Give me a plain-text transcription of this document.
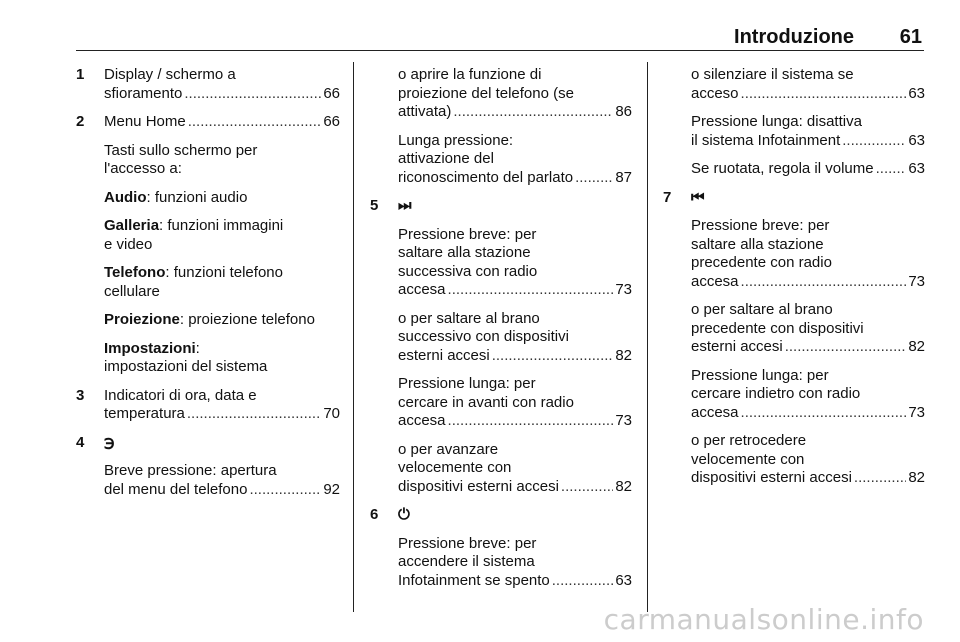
Introduzione 61
1	Display / schermo a

sfioramento .....	66

2	Menu Home .....	66

Tasti sullo schermo per
l'accesso a:

Audio: funzioni audio

Galleria: funzioni immagini
e video

Telefono: funzioni telefono
cellulare

Proiezione: proiezione telefono

Impostazioni:
impostazioni del sistema

3	Indicatori di ora, data e

temperatura .....	70

4	℈

Breve pressione: apertura

del menu del telefono .....	92

o aprire la funzione di
proiezione del telefono (se

attivata) .....	86

Lunga pressione:
attivazione del

riconoscimento del parlato .....	87

5	⏭

Pressione breve: per
saltare alla stazione
successiva con radio

accesa .....	73

o per saltare al brano
successivo con dispositivi

esterni accesi .....	82

Pressione lunga: per
cercare in avanti con radio

accesa .....	73

o per avanzare
velocemente con

dispositivi esterni accesi .....	82

6	⏻

Pressione breve: per
accendere il sistema

Infotainment se spento .....	63

o silenziare il sistema se

acceso .....	63

Pressione lunga: disattiva

il sistema Infotainment .....	63

Se ruotata, regola il volume ..... 63

7	⏮

Pressione breve: per
saltare alla stazione
precedente con radio

accesa .....	73

o per saltare al brano
precedente con dispositivi

esterni accesi .....	82

Pressione lunga: per
cercare indietro con radio

accesa .....	73

o per retrocedere
velocemente con

dispositivi esterni accesi .....	82

carmanualsonline.info
